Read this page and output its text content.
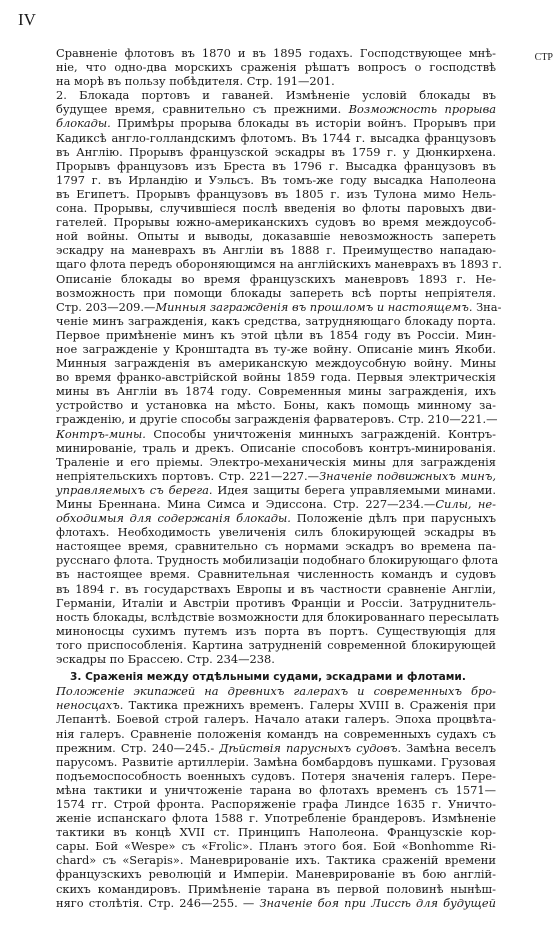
IV
СТР
Сравненіе флотовъ въ 1870 и въ 1895 годахъ. Господствующее мнѣ-
ніе, что одно-два морскихъ сраженія рѣшатъ вопросъ о господствѣ
на морѣ въ пользу побѣдителя. Стр. 191—201.
2. Блокада портовъ и гаваней. Измѣненіе условій блокады въ
будущее время, сравнительно съ прежними. Возможность прорыва
блокады. Примѣры прорыва блокады въ исторіи войнъ. Прорывъ при
Кадиксѣ англо-голландскимъ флотомъ. Въ 1744 г. высадка французовъ
въ Англію. Прорывъ французской эскадры въ 1759 г. у Дюнкирхена.
Прорывъ французовъ изъ Бреста въ 1796 г. Высадка французовъ въ
1797 г. въ Ирландію и Уэльсъ. Въ томъ-же году высадка Наполеона
въ Египетъ. Прорывъ французовъ въ 1805 г. изъ Тулона мимо Нель-
сона. Прорывы, случившіеся послѣ введенія во флоты паровыхъ дви-
гателей. Прорывы южно-американскихъ судовъ во время междоусоб-
ной войны. Опыты и выводы, доказавшіе невозможность запереть
эскадру на маневрахъ въ Англіи въ 1888 г. Преимущество нападаю-
щаго флота передъ обороняющимся на англійскихъ маневрахъ въ 1893 г.
Описаніе блокады во время французскихъ маневровъ 1893 г. Не-
возможность при помощи блокады запереть всѣ порты непріятеля.
Стр. 203—209.—Минныя загражденія въ прошломъ и настоящемъ. Зна-
ченіе минъ загражденія, какъ средства, затрудняющаго блокаду порта.
Первое примѣненіе минъ къ этой цѣли въ 1854 году въ Россіи. Мин-
ное загражденіе у Кронштадта въ ту-же войну. Описаніе минъ Якоби.
Минныя загражденія въ американскую междоусобную войну. Мины
во время франко-австрійской войны 1859 года. Первыя электрическія
мины въ Англіи въ 1874 году. Современныя мины загражденія, ихъ
устройство и установка на мѣсто. Боны, какъ помощь минному за-
гражденію, и другіе способы загражденія фарватеровъ. Стр. 210—221.—
Контръ-мины. Способы уничтоженія минныхъ загражденій. Контръ-
минированіе, траль и дрекъ. Описаніе способовъ контръ-минированія.
Траленіе и его пріемы. Электро-механическія мины для загражденія
непріятельскихъ портовъ. Стр. 221—227.—Значеніе подвижныхъ минъ,
управляемыхъ съ берега. Идея защиты берега управляемыми минами.
Мины Бреннана. Мина Симса и Эдиссона. Стр. 227—234.—Силы, не-
обходимыя для содержанія блокады. Положеніе дѣлъ при парусныхъ
флотахъ. Необходимость увеличенія силъ блокирующей эскадры въ
настоящее время, сравнительно съ нормами эскадръ во времена па-
русснаго флота. Трудность мобилизаціи подобнаго блокирующаго флота
въ настоящее время. Сравнительная численность командъ и судовъ
въ 1894 г. въ государствахъ Европы и въ частности сравненіе Англіи,
Германіи, Италіи и Австріи противъ Франціи и Россіи. Затруднитель-
ность блокады, вслѣдствіе возможности для блокированнаго пересылать
миноносцы сухимъ путемъ изъ порта въ портъ. Существующія для
того приспособленія. Картина затрудненій современной блокирующей
эскадры по Брассею. Стр. 234—238.
3. Сраженія между отдѣльными судами, эскадрами и флотами.
Положеніе экипажей на древнихъ галерахъ и современныхъ бро-
неносцахъ. Тактика прежнихъ временъ. Галеры XVIII в. Сраженія при
Лепантѣ. Боевой строй галеръ. Начало атаки галеръ. Эпоха процвѣта-
нія галеръ. Сравненіе положенія командъ на современныхъ судахъ съ
прежним. Стр. 240—245.- Дѣйствія парусныхъ судовъ. Замѣна веселъ
парусомъ. Развитіе артиллеріи. Замѣна бомбардовъ пушками. Грузовая
подъемоспособность военныхъ судовъ. Потеря значенія галеръ. Пере-
мѣна тактики и уничтоженіе тарана во флотахъ временъ съ 1571—
1574 гг. Строй фронта. Распоряженіе графа Линдсе 1635 г. Уничто-
женіе испанскаго флота 1588 г. Употребленіе брандеровъ. Измѣненіе
тактики въ концѣ XVII ст. Принципъ Наполеона. Французскіе кор-
сары. Бой «Wespe» съ «Frolic». Планъ этого боя. Бой «Bonhomme Ri-
chard» съ «Serapis». Маневрированіе ихъ. Тактика сраженій времени
французскихъ революцій и Имперіи. Маневрированіе въ бою англій-
скихъ командировъ. Примѣненіе тарана въ первой половинѣ нынѣш-
няго столѣтія. Стр. 246—255. — Значеніе боя при Лиссѣ для будущей
